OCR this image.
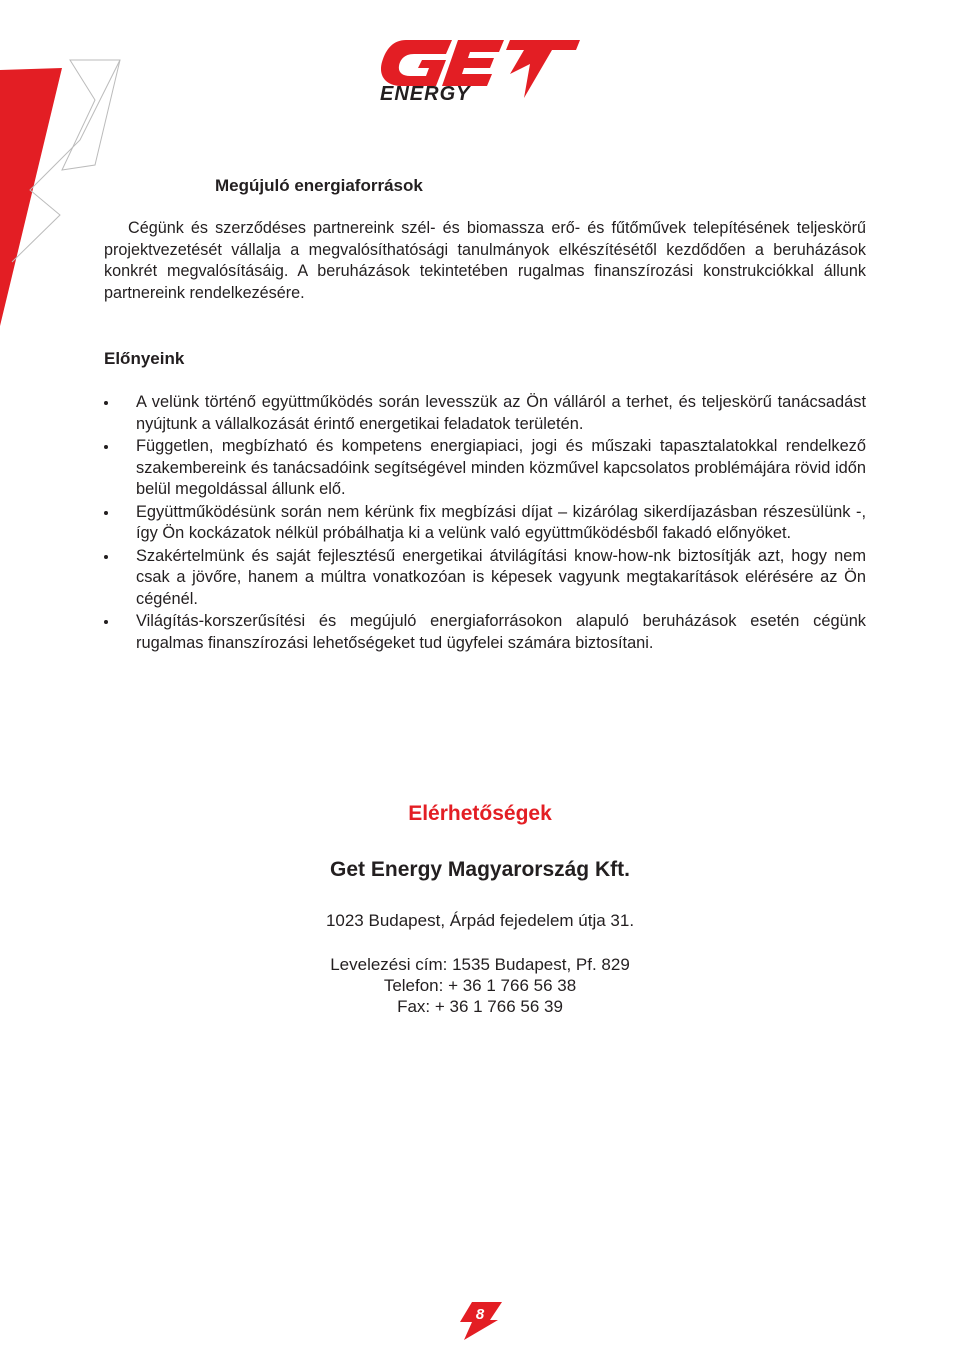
ENERGY
Megújuló energiaforrások

Cégünk és szerződéses partnereink szél- és biomassza erő- és fűtőművek telepítésének teljeskörű projektvezetését vállalja a megvalósíthatósági tanulmányok elkészítésétől kezdődően a beruházások konkrét megvalósításáig. A beruházások tekintetében rugalmas finanszírozási konstrukciókkal állunk partnereink rendelkezésére.

Előnyeink
A velünk történő együttműködés során levesszük az Ön válláról a terhet, és teljeskörű tanácsadást nyújtunk a vállalkozását érintő energetikai feladatok területén.
Független, megbízható és kompetens energiapiaci, jogi és műszaki tapasztalatokkal rendelkező szakembereink és tanácsadóink segítségével minden közművel kapcsolatos problémájára rövid időn belül megoldással állunk elő.
Együttműködésünk során nem kérünk fix megbízási díjat – kizárólag sikerdíjazásban részesülünk -, így Ön kockázatok nélkül próbálhatja ki a velünk való együttműködésből fakadó előnyöket.
Szakértelmünk és saját fejlesztésű energetikai átvilágítási know-how-nk biztosítják azt, hogy nem csak a jövőre, hanem a múltra vonatkozóan is képesek vagyunk megtakarítások elérésére az Ön cégénél.
Világítás-korszerűsítési és megújuló energiaforrásokon alapuló beruházások esetén cégünk rugalmas finanszírozási lehetőségeket tud ügyfelei számára biztosítani.
Elérhetőségek
Get Energy Magyarország Kft.

1023 Budapest, Árpád fejedelem útja 31.

Levelezési cím: 1535 Budapest, Pf. 829
Telefon: + 36 1 766 56 38
Fax: + 36 1 766 56 39
8
